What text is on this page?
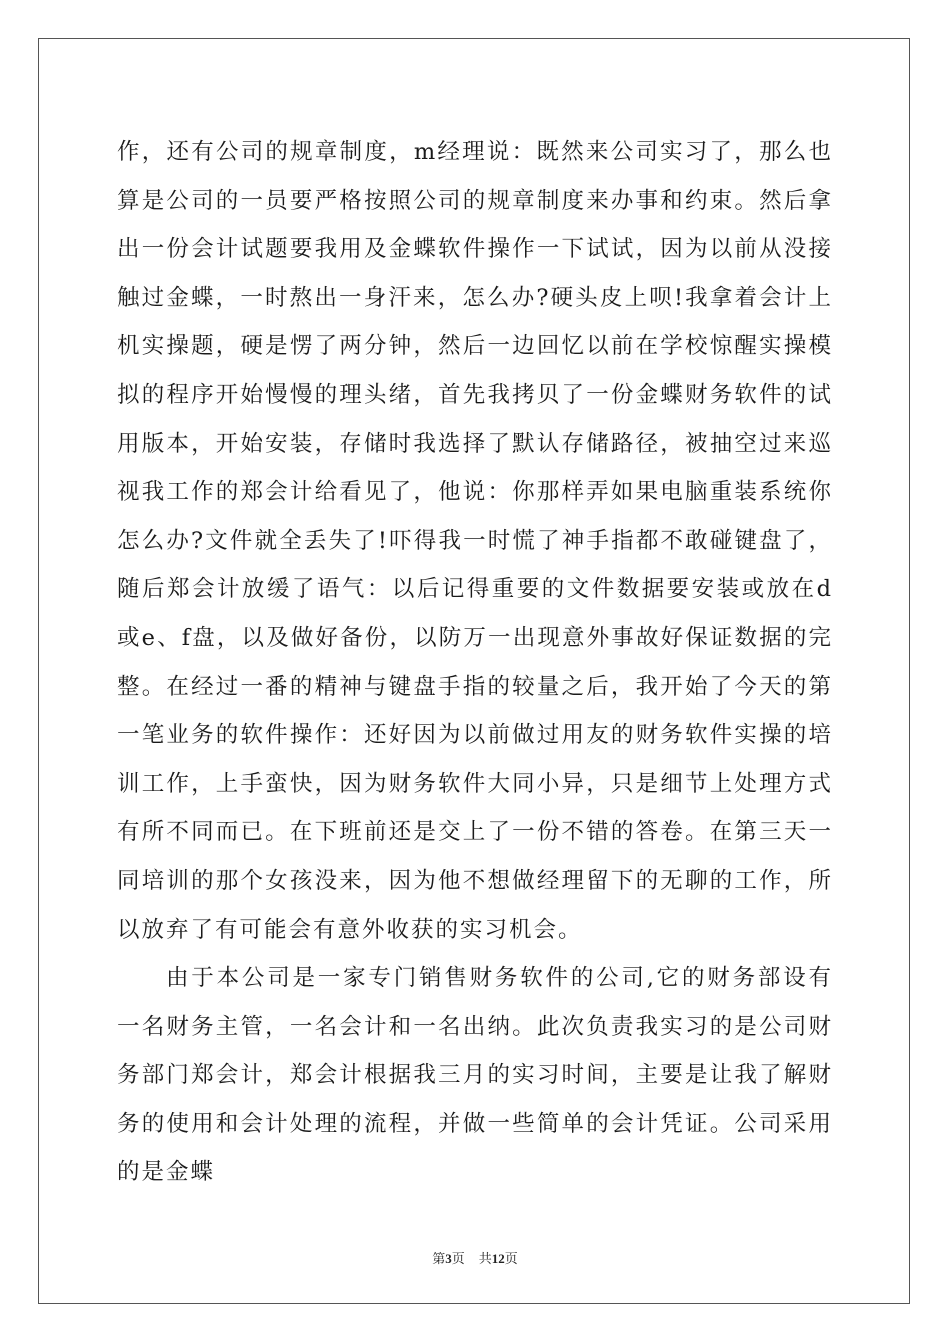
作，还有公司的规章制度，m经理说：既然来公司实习了，那么也算是公司的一员要严格按照公司的规章制度来办事和约束。然后拿出一份会计试题要我用及金蝶软件操作一下试试，因为以前从没接触过金蝶，一时熬出一身汗来，怎么办?硬头皮上呗!我拿着会计上机实操题，硬是愣了两分钟，然后一边回忆以前在学校惊醒实操模拟的程序开始慢慢的理头绪，首先我拷贝了一份金蝶财务软件的试用版本，开始安装，存储时我选择了默认存储路径，被抽空过来巡视我工作的郑会计给看见了，他说：你那样弄如果电脑重装系统你怎么办?文件就全丢失了!吓得我一时慌了神手指都不敢碰键盘了，随后郑会计放缓了语气：以后记得重要的文件数据要安装或放在d 或e、f盘，以及做好备份，以防万一出现意外事故好保证数据的完整。在经过一番的精神与键盘手指的较量之后，我开始了今天的第一笔业务的软件操作：还好因为以前做过用友的财务软件实操的培训工作，上手蛮快，因为财务软件大同小异，只是细节上处理方式有所不同而已。在下班前还是交上了一份不错的答卷。在第三天一同培训的那个女孩没来，因为他不想做经理留下的无聊的工作，所以放弃了有可能会有意外收获的实习机会。

由于本公司是一家专门销售财务软件的公司,它的财务部设有一名财务主管，一名会计和一名出纳。此次负责我实习的是公司财务部门郑会计，郑会计根据我三月的实习时间，主要是让我了解财务的使用和会计处理的流程，并做一些简单的会计凭证。公司采用的是金蝶

第3页 共12页
